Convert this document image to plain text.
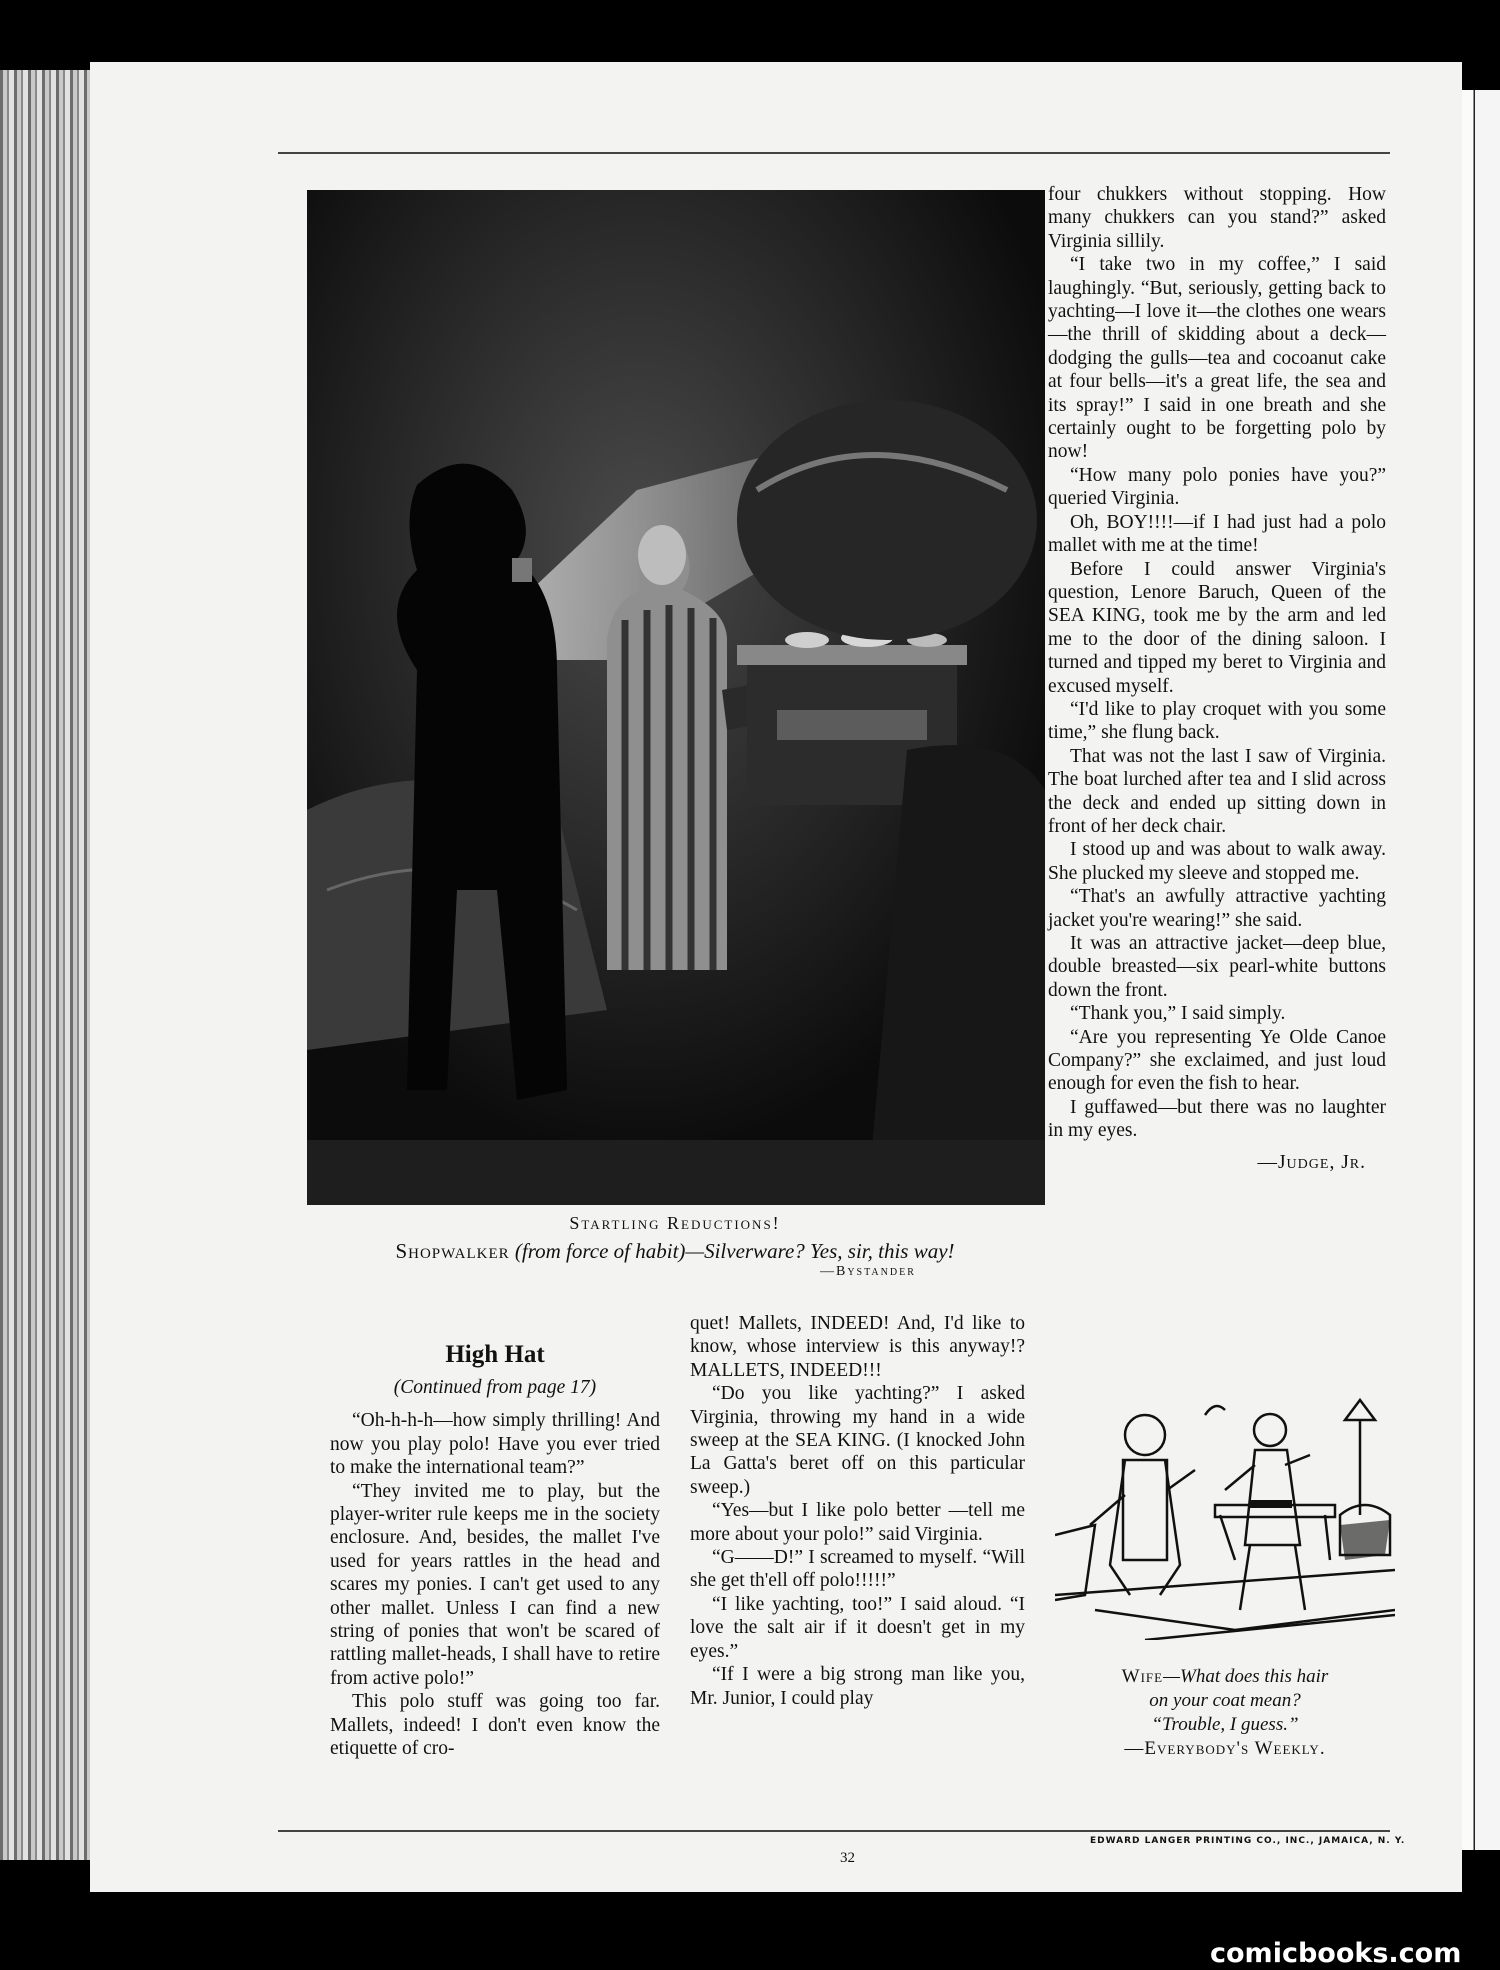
Startling Reductions!
Shopwalker (from force of habit)—Silverware? Yes, sir, this way!
—Bystander

High Hat

(Continued from page 17)

“Oh-h-h-h—how simply thrilling! And now you play polo! Have you ever tried to make the international team?”

“They invited me to play, but the player-writer rule keeps me in the society enclosure. And, besides, the mallet I've used for years rattles in the head and scares my ponies. I can't get used to any other mallet. Unless I can find a new string of ponies that won't be scared of rattling mallet-heads, I shall have to retire from active polo!”

This polo stuff was going too far. Mallets, indeed! I don't even know the etiquette of cro-

quet! Mallets, INDEED! And, I'd like to know, whose interview is this anyway!? MALLETS, INDEED!!!

“Do you like yachting?” I asked Virginia, throwing my hand in a wide sweep at the SEA KING. (I knocked John La Gatta's beret off on this particular sweep.)

“Yes—but I like polo better —tell me more about your polo!” said Virginia.

“G——D!” I screamed to myself. “Will she get th'ell off polo!!!!!”

“I like yachting, too!” I said aloud. “I love the salt air if it doesn't get in my eyes.”

“If I were a big strong man like you, Mr. Junior, I could play

four chukkers without stopping. How many chukkers can you stand?” asked Virginia sillily.

“I take two in my coffee,” I said laughingly. “But, seriously, getting back to yachting—I love it—the clothes one wears—the thrill of skidding about a deck—dodging the gulls—tea and cocoanut cake at four bells—it's a great life, the sea and its spray!” I said in one breath and she certainly ought to be forgetting polo by now!

“How many polo ponies have you?” queried Virginia.

Oh, BOY!!!!—if I had just had a polo mallet with me at the time!

Before I could answer Virginia's question, Lenore Baruch, Queen of the SEA KING, took me by the arm and led me to the door of the dining saloon. I turned and tipped my beret to Virginia and excused myself.

“I'd like to play croquet with you some time,” she flung back.

That was not the last I saw of Virginia. The boat lurched after tea and I slid across the deck and ended up sitting down in front of her deck chair.

I stood up and was about to walk away. She plucked my sleeve and stopped me.

“That's an awfully attractive yachting jacket you're wearing!” she said.

It was an attractive jacket—deep blue, double breasted—six pearl-white buttons down the front.

“Thank you,” I said simply.

“Are you representing Ye Olde Canoe Company?” she exclaimed, and just loud enough for even the fish to hear.

I guffawed—but there was no laughter in my eyes.

—Judge, Jr.

Wife—What does this hair
on your coat mean?
“Trouble, I guess.”
—Everybody's Weekly.
32
EDWARD LANGER PRINTING CO., INC., JAMAICA, N. Y.
comicbooks.com
